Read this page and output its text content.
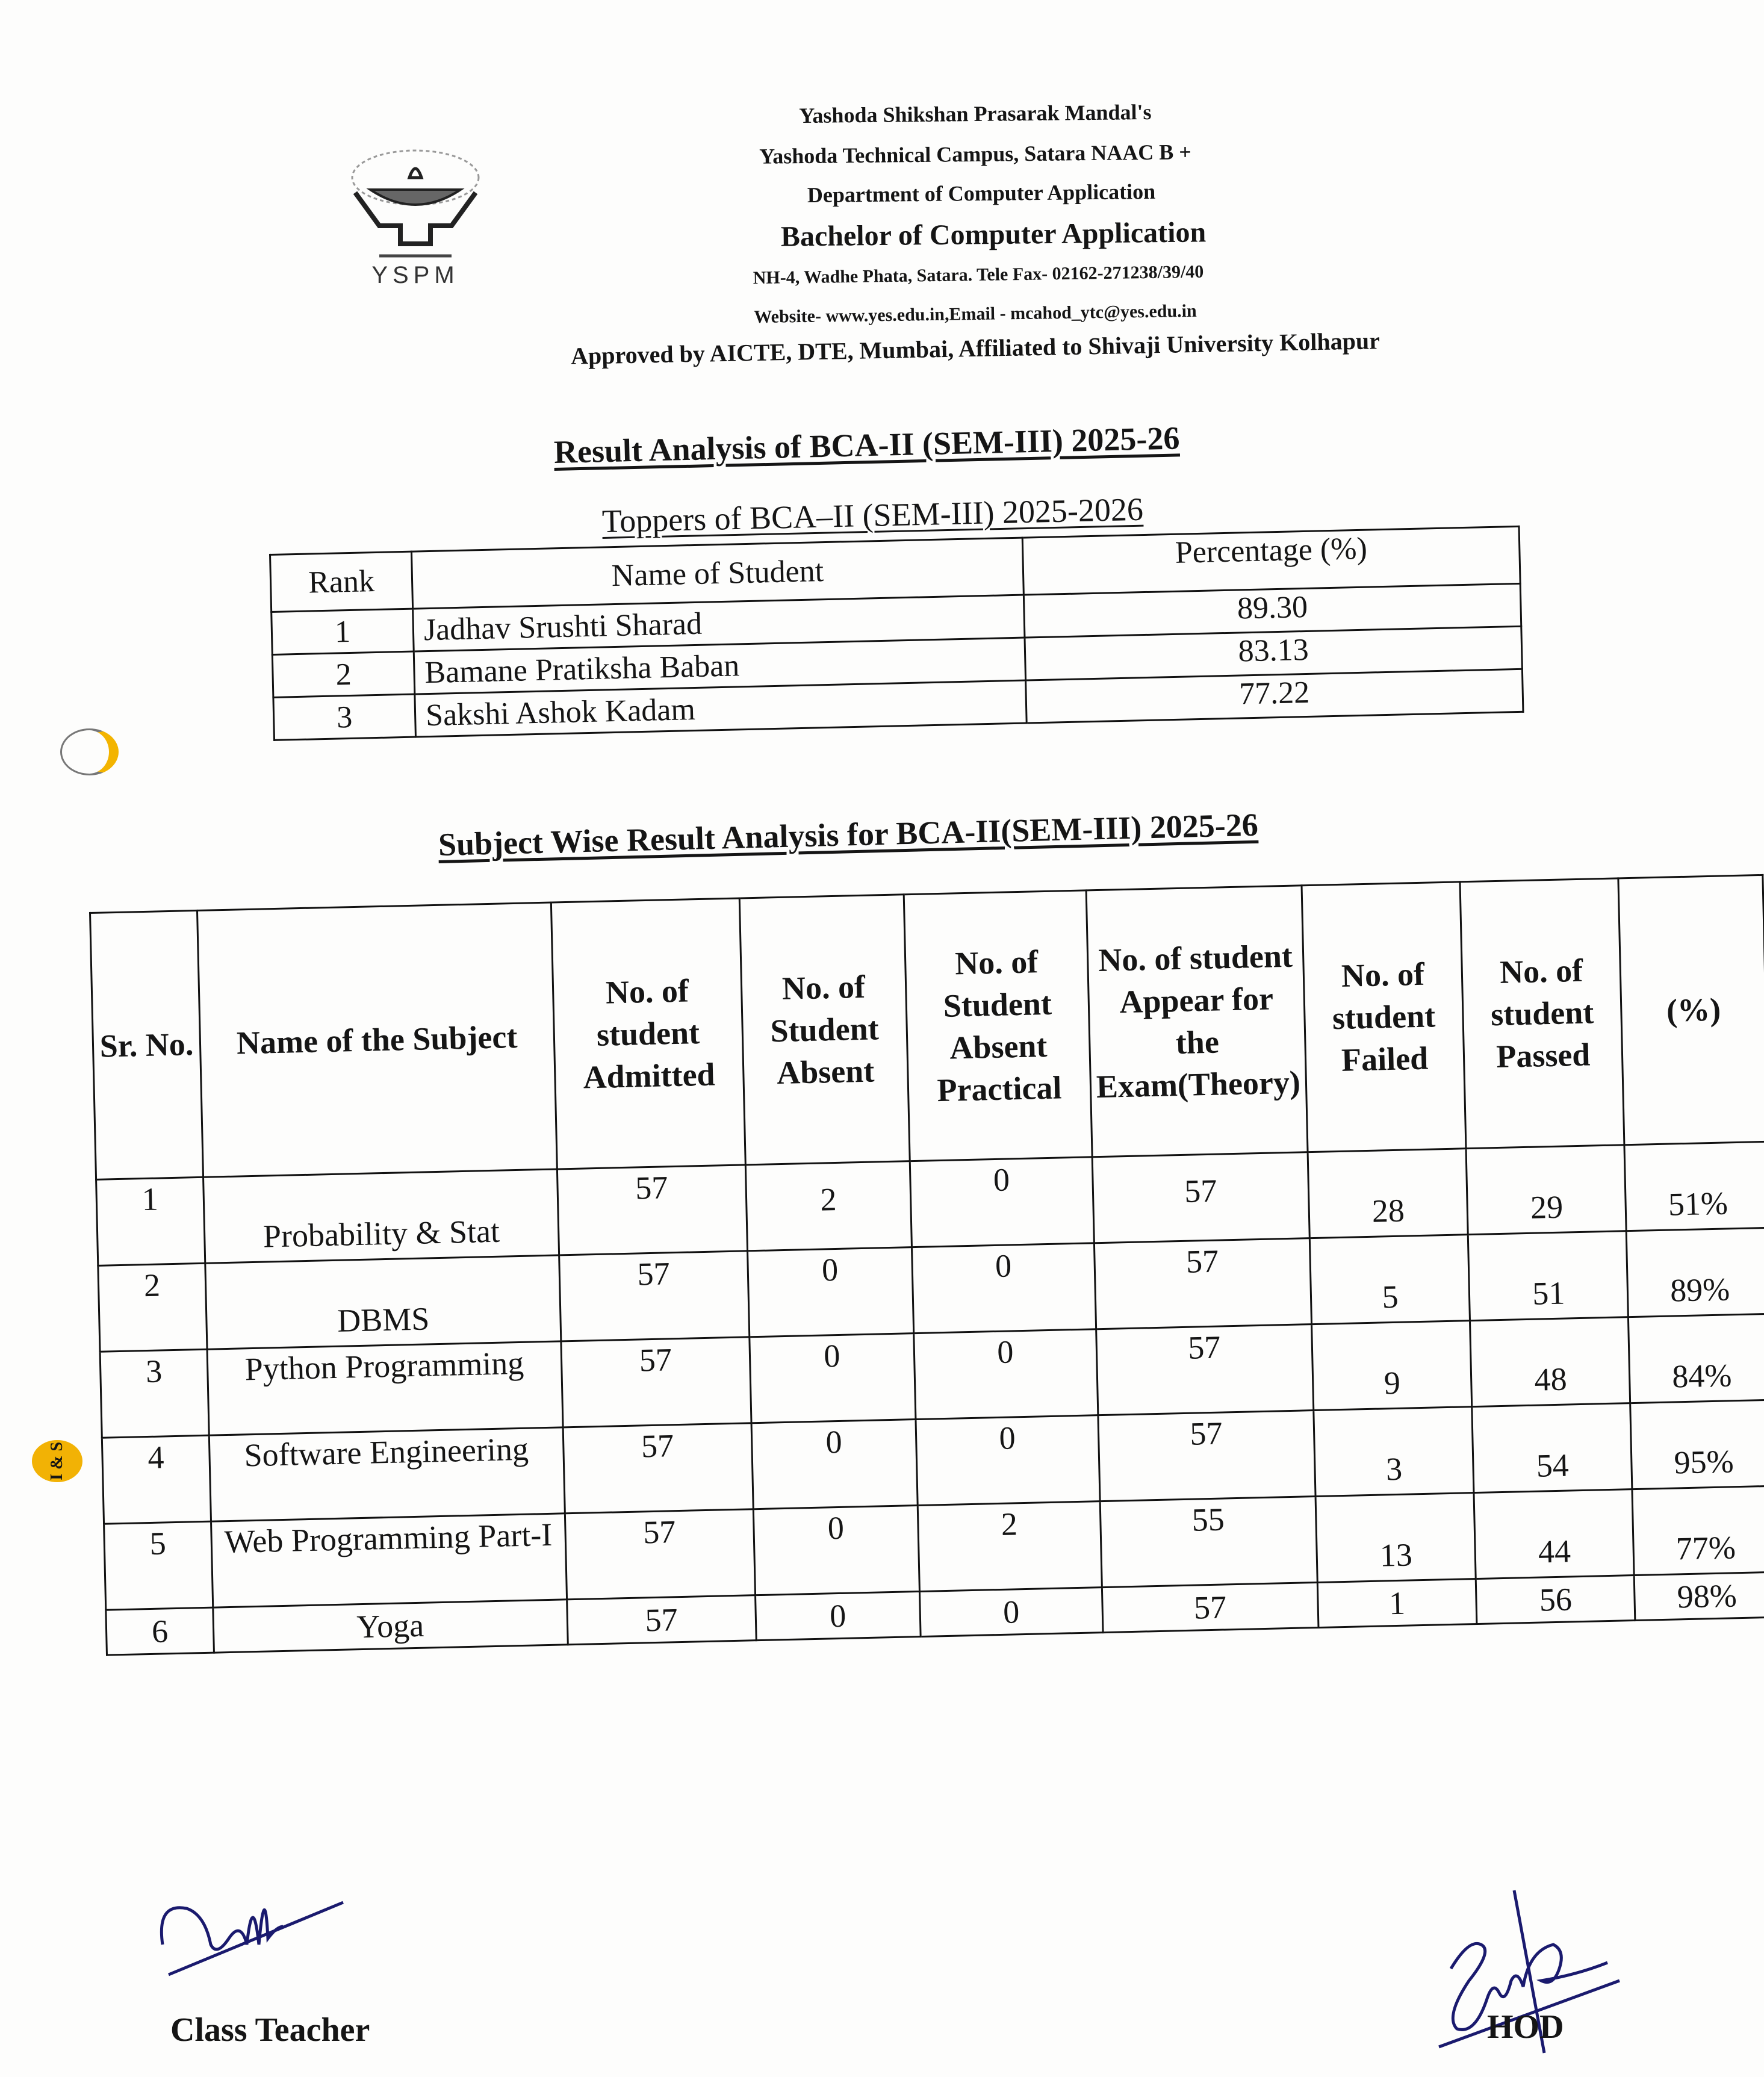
YSPM
Yashoda Shikshan Prasarak Mandal's
Yashoda Technical Campus, Satara NAAC B +
Department of Computer Application
Bachelor of Computer Application
NH-4, Wadhe Phata, Satara. Tele Fax- 02162-271238/39/40
Website- www.yes.edu.in,Email - mcahod_ytc@yes.edu.in
Approved by AICTE, DTE, Mumbai, Affiliated to Shivaji University Kolhapur
Result Analysis of BCA-II (SEM-III) 2025-26
Toppers of BCA–II (SEM-III) 2025-2026
Rank	Name of Student	Percentage (%)
1	Jadhav Srushti Sharad	89.30
2	Bamane Pratiksha Baban	83.13
3	Sakshi Ashok Kadam	77.22
Subject Wise Result Analysis for BCA-II(SEM-III) 2025-26
Sr. No.	Name of the Subject	No. of student Admitted	No. of Student Absent	No. of Student Absent Practical	No. of student Appear for the Exam(Theory)	No. of student Failed	No. of student Passed	(%)
1	Probability & Stat	57	2	0	57	28	29	51%

2	DBMS	57	0	0	57	5	51	89%

3	Python Programming	57	0	0	57	9	48	84%

4	Software Engineering	57	0	0	57	3	54	95%

5	Web Programming Part-I	57	0	2	55	13	44	77%

6	Yoga	57	0	0	57	1	56	98%
I & S
Class Teacher	HOD
